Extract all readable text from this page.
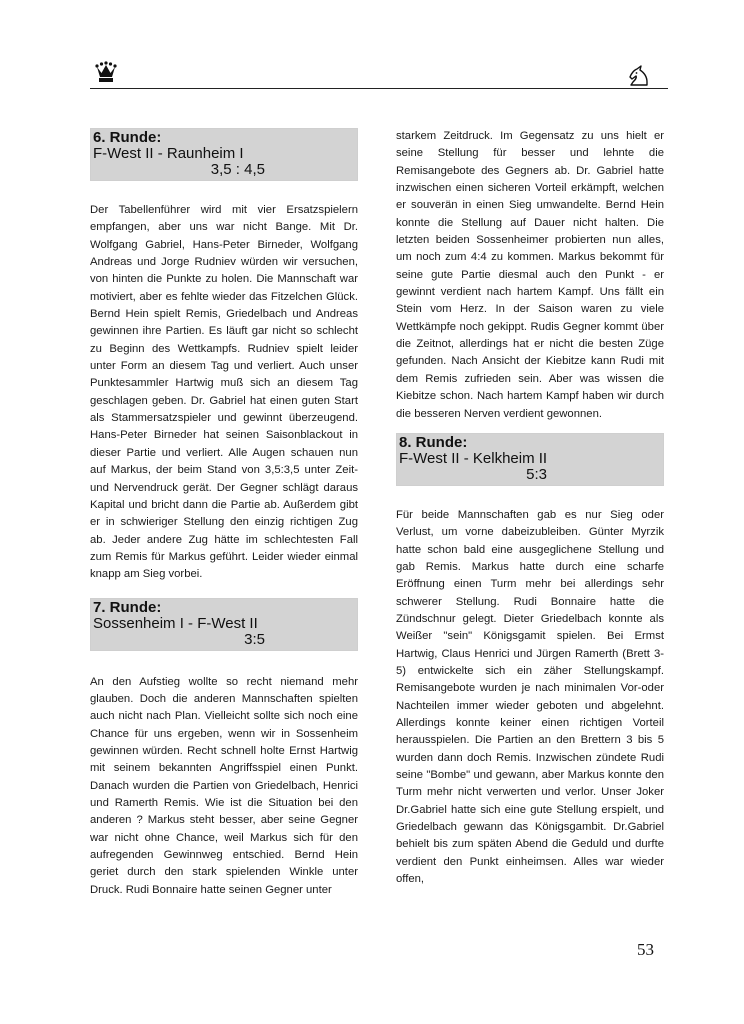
6. Runde:
F-West II - Raunheim I
3,5 : 4,5

Der Tabellenführer wird mit vier Ersatzspielern empfangen, aber uns war nicht Bange. Mit Dr. Wolfgang Gabriel, Hans-Peter Birneder, Wolfgang Andreas und Jorge Rudniev würden wir versuchen, von hinten die Punkte zu holen. Die Mannschaft war motiviert, aber es fehlte wieder das Fitzelchen Glück. Bernd Hein spielt Remis, Griedelbach und Andreas gewinnen ihre Partien. Es läuft gar nicht so schlecht zu Beginn des Wettkampfs. Rudniev spielt leider unter Form an diesem Tag und verliert. Auch unser Punktesammler Hartwig muß sich an diesem Tag geschlagen geben. Dr. Gabriel hat einen guten Start als Stammersatzspieler und gewinnt überzeugend. Hans-Peter Birneder hat seinen Saisonblackout in dieser Partie und verliert. Alle Augen schauen nun auf Markus, der beim Stand von 3,5:3,5 unter Zeit-und Nervendruck gerät. Der Gegner schlägt daraus Kapital und bricht dann die Partie ab. Außerdem gibt er in schwieriger Stellung den einzig richtigen Zug ab. Jeder andere Zug hätte im schlechtesten Fall zum Remis für Markus geführt. Leider wieder einmal knapp am Sieg vorbei.

7. Runde:
Sossenheim I - F-West II
3:5

An den Aufstieg wollte so recht niemand mehr glauben. Doch die anderen Mannschaften spielten auch nicht nach Plan. Vielleicht sollte sich noch eine Chance für uns ergeben, wenn wir in Sossenheim gewinnen würden. Recht schnell holte Ernst Hartwig mit seinem bekannten Angriffsspiel einen Punkt. Danach wurden die Partien von Griedelbach, Henrici und Ramerth Remis. Wie ist die Situation bei den anderen ? Markus steht besser, aber seine Gegner war nicht ohne Chance, weil Markus sich für den aufregenden Gewinnweg entschied. Bernd Hein geriet durch den stark spielenden Winkle unter Druck. Rudi Bonnaire hatte seinen Gegner unter

starkem Zeitdruck. Im Gegensatz zu uns hielt er seine Stellung für besser und lehnte die Remisangebote des Gegners ab. Dr. Gabriel hatte inzwischen einen sicheren Vorteil erkämpft, welchen er souverän in einen Sieg umwandelte. Bernd Hein konnte die Stellung auf Dauer nicht halten. Die letzten beiden Sossenheimer probierten nun alles, um noch zum 4:4 zu kommen. Markus bekommt für seine gute Partie diesmal auch den Punkt - er gewinnt verdient nach hartem Kampf. Uns fällt ein Stein vom Herz. In der Saison waren zu viele Wettkämpfe noch gekippt. Rudis Gegner kommt über die Zeitnot, allerdings hat er nicht die besten Züge gefunden. Nach Ansicht der Kiebitze kann Rudi mit dem Remis zufrieden sein. Aber was wissen die Kiebitze schon. Nach hartem Kampf haben wir durch die besseren Nerven verdient gewonnen.

8. Runde:
F-West II - Kelkheim II
5:3

Für beide Mannschaften gab es nur Sieg oder Verlust, um vorne dabeizubleiben. Günter Myrzik hatte schon bald eine ausgeglichene Stellung und gab Remis. Markus hatte durch eine scharfe Eröffnung einen Turm mehr bei allerdings sehr schwerer Stellung. Rudi Bonnaire hatte die Zündschnur gelegt. Dieter Griedelbach konnte als Weißer "sein" Königsgamit spielen. Bei Ermst Hartwig, Claus Henrici und Jürgen Ramerth (Brett 3-5) entwickelte sich ein zäher Stellungskampf. Remisangebote wurden je nach minimalen Vor-oder Nachteilen immer wieder geboten und abgelehnt. Allerdings konnte keiner einen richtigen Vorteil herausspielen. Die Partien an den Brettern 3 bis 5 wurden dann doch Remis. Inzwischen zündete Rudi seine "Bombe" und gewann, aber Markus konnte den Turm mehr nicht verwerten und verlor. Unser Joker Dr.Gabriel hatte sich eine gute Stellung erspielt, und Griedelbach gewann das Königsgambit. Dr.Gabriel behielt bis zum späten Abend die Geduld und durfte verdient den Punkt einheimsen. Alles war wieder offen,

53
